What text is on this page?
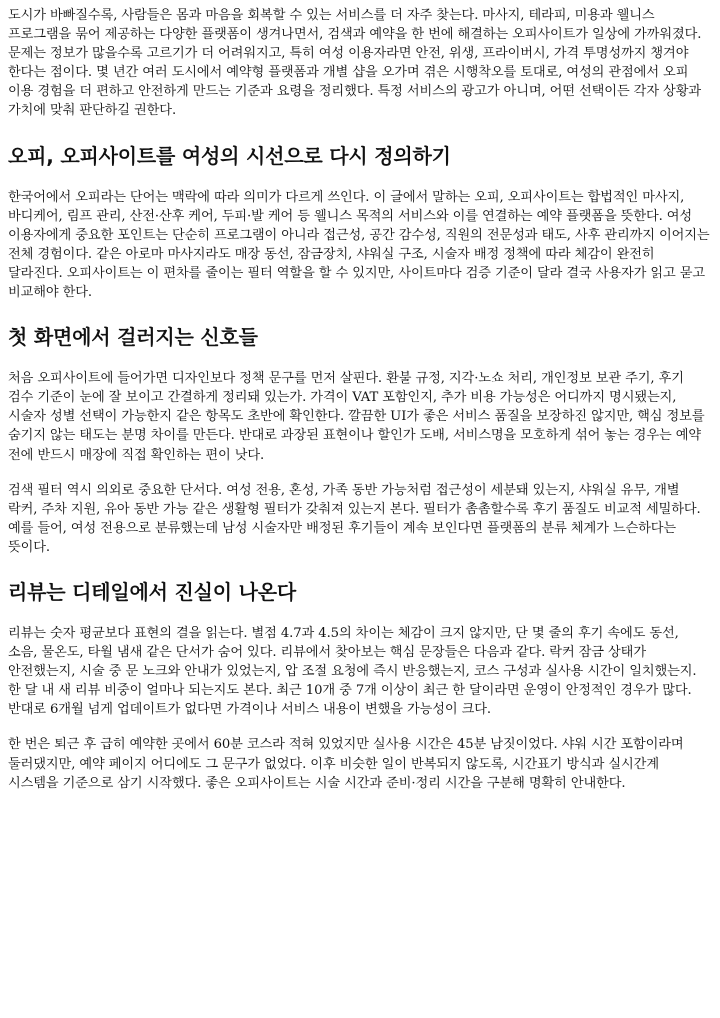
도시가 바빠질수록, 사람들은 몸과 마음을 회복할 수 있는 서비스를 더 자주 찾는다. 마사지, 테라피, 미용과 웰니스 프로그램을 묶어 제공하는 다양한 플랫폼이 생겨나면서, 검색과 예약을 한 번에 해결하는 오피사이트가 일상에 가까워졌다. 문제는 정보가 많을수록 고르기가 더 어려워지고, 특히 여성 이용자라면 안전, 위생, 프라이버시, 가격 투명성까지 챙겨야 한다는 점이다. 몇 년간 여러 도시에서 예약형 플랫폼과 개별 샵을 오가며 겪은 시행착오를 토대로, 여성의 관점에서 오피 이용 경험을 더 편하고 안전하게 만드는 기준과 요령을 정리했다. 특정 서비스의 광고가 아니며, 어떤 선택이든 각자 상황과 가치에 맞춰 판단하길 권한다.

오피, 오피사이트를 여성의 시선으로 다시 정의하기

한국어에서 오피라는 단어는 맥락에 따라 의미가 다르게 쓰인다. 이 글에서 말하는 오피, 오피사이트는 합법적인 마사지, 바디케어, 림프 관리, 산전·산후 케어, 두피·발 케어 등 웰니스 목적의 서비스와 이를 연결하는 예약 플랫폼을 뜻한다. 여성 이용자에게 중요한 포인트는 단순히 프로그램이 아니라 접근성, 공간 감수성, 직원의 전문성과 태도, 사후 관리까지 이어지는 전체 경험이다. 같은 아로마 마사지라도 매장 동선, 잠금장치, 샤워실 구조, 시술자 배정 정책에 따라 체감이 완전히 달라진다. 오피사이트는 이 편차를 줄이는 필터 역할을 할 수 있지만, 사이트마다 검증 기준이 달라 결국 사용자가 읽고 묻고 비교해야 한다.

첫 화면에서 걸러지는 신호들

처음 오피사이트에 들어가면 디자인보다 정책 문구를 먼저 살핀다. 환불 규정, 지각·노쇼 처리, 개인정보 보관 주기, 후기 검수 기준이 눈에 잘 보이고 간결하게 정리돼 있는가. 가격이 VAT 포함인지, 추가 비용 가능성은 어디까지 명시됐는지, 시술자 성별 선택이 가능한지 같은 항목도 초반에 확인한다. 깔끔한 UI가 좋은 서비스 품질을 보장하진 않지만, 핵심 정보를 숨기지 않는 태도는 분명 차이를 만든다. 반대로 과장된 표현이나 할인가 도배, 서비스명을 모호하게 섞어 놓는 경우는 예약 전에 반드시 매장에 직접 확인하는 편이 낫다.

검색 필터 역시 의외로 중요한 단서다. 여성 전용, 혼성, 가족 동반 가능처럼 접근성이 세분돼 있는지, 샤워실 유무, 개별 락커, 주차 지원, 유아 동반 가능 같은 생활형 필터가 갖춰져 있는지 본다. 필터가 촘촘할수록 후기 품질도 비교적 세밀하다. 예를 들어, 여성 전용으로 분류했는데 남성 시술자만 배정된 후기들이 계속 보인다면 플랫폼의 분류 체계가 느슨하다는 뜻이다.

리뷰는 디테일에서 진실이 나온다

리뷰는 숫자 평균보다 표현의 결을 읽는다. 별점 4.7과 4.5의 차이는 체감이 크지 않지만, 단 몇 줄의 후기 속에도 동선, 소음, 물온도, 타월 냄새 같은 단서가 숨어 있다. 리뷰에서 찾아보는 핵심 문장들은 다음과 같다. 락커 잠금 상태가 안전했는지, 시술 중 문 노크와 안내가 있었는지, 압 조절 요청에 즉시 반응했는지, 코스 구성과 실사용 시간이 일치했는지. 한 달 내 새 리뷰 비중이 얼마나 되는지도 본다. 최근 10개 중 7개 이상이 최근 한 달이라면 운영이 안정적인 경우가 많다. 반대로 6개월 넘게 업데이트가 없다면 가격이나 서비스 내용이 변했을 가능성이 크다.

한 번은 퇴근 후 급히 예약한 곳에서 60분 코스라 적혀 있었지만 실사용 시간은 45분 남짓이었다. 샤워 시간 포함이라며 둘러댔지만, 예약 페이지 어디에도 그 문구가 없었다. 이후 비슷한 일이 반복되지 않도록, 시간표기 방식과 실시간계 시스템을 기준으로 삼기 시작했다. 좋은 오피사이트는 시술 시간과 준비·정리 시간을 구분해 명확히 안내한다.
